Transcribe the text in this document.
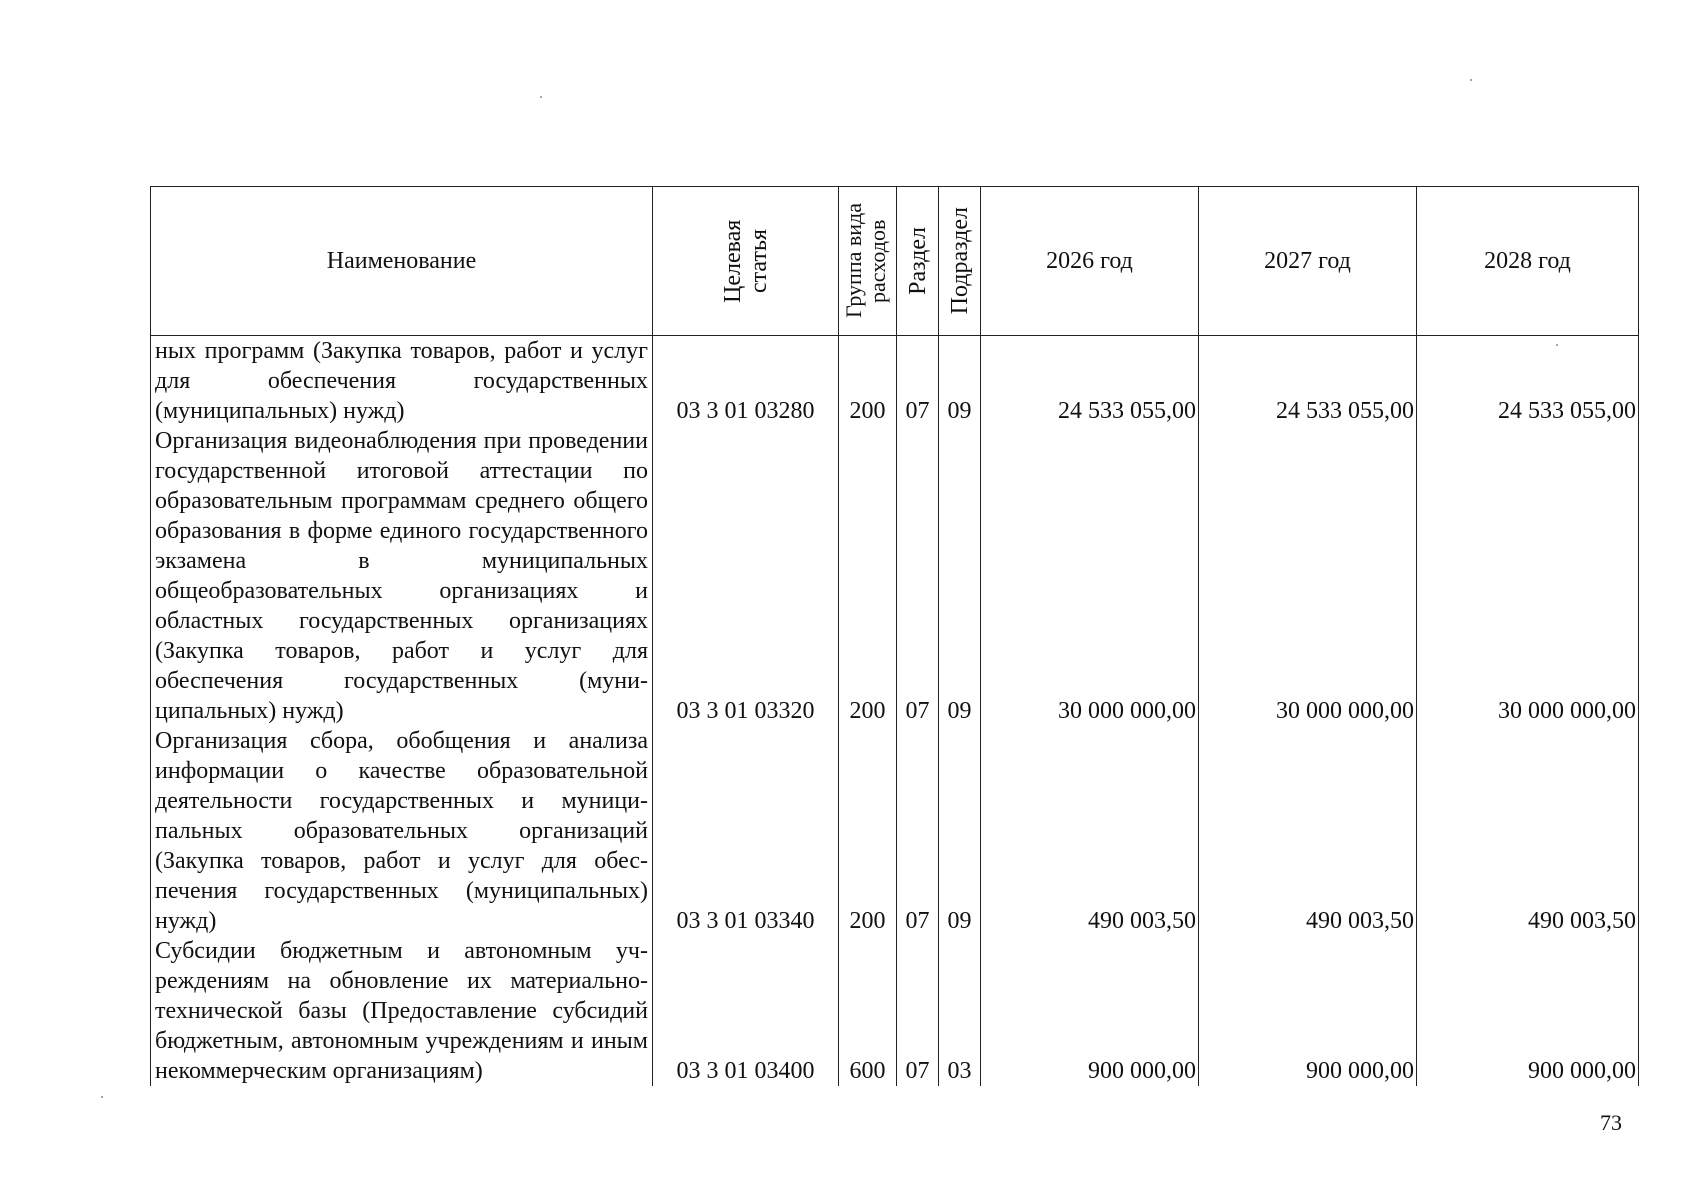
Наименование	Целевая статья	Группа вида расходов	Раздел	Подраздел	2026 год	2027 год	2028 год
ных программ (Закупка товаров, работ и услуг для обеспечения государственных (муниципальных) нужд)	03 3 01 03280	200	07	09	24 533 055,00	24 533 055,00	24 533 055,00
Организация видеонаблюдения при проведении государственной итоговой аттестации по образовательным программам среднего общего образования в форме единого государственного экзамена в муниципальных общеобразовательных организациях и областных государственных организациях (Закупка товаров, работ и услуг для обеспечения государственных (муниципальных) нужд)	03 3 01 03320	200	07	09	30 000 000,00	30 000 000,00	30 000 000,00
Организация сбора, обобщения и анализа информации о качестве образовательной деятельности государственных и муниципальных образовательных организаций (Закупка товаров, работ и услуг для обеспечения государственных (муниципальных) нужд)	03 3 01 03340	200	07	09	490 003,50	490 003,50	490 003,50
Субсидии бюджетным и автономным учреждениям на обновление их материально-технической базы (Предоставление субсидий бюджетным, автономным учреждениям и иным некоммерческим организациям)	03 3 01 03400	600	07	03	900 000,00	900 000,00	900 000,00
73
